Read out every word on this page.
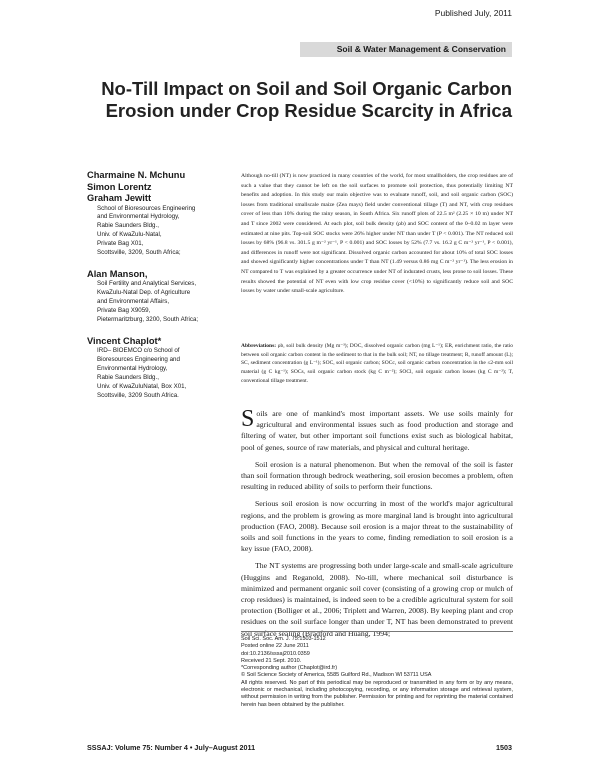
Published July, 2011
Soil & Water Management & Conservation
No-Till Impact on Soil and Soil Organic Carbon
Erosion under Crop Residue Scarcity in Africa
Charmaine N. Mchunu
Simon Lorentz
Graham Jewitt
School of Bioresources Engineering
and Environmental Hydrology,
Rabie Saunders Bldg.,
Univ. of KwaZulu-Natal,
Private Bag X01,
Scottsville, 3209, South Africa;
Alan Manson,
Soil Fertility and Analytical Services,
KwaZulu-Natal Dep. of Agriculture
and Environmental Affairs,
Private Bag X9059,
Pietermaritzburg, 3200, South Africa;
Vincent Chaplot*
IRD– BIOEMCO c/o School of
Bioresources Engineering and
Environmental Hydrology,
Rabie Saunders Bldg.,
Univ. of KwaZuluNatal, Box X01,
Scottsville, 3209 South Africa.
Although no-till (NT) is now practiced in many countries of the world, for most smallholders, the crop residues are of such a value that they cannot be left on the soil surfaces to promote soil protection, thus potentially limiting NT benefits and adoption. In this study our main objective was to evaluate runoff, soil, and soil organic carbon (SOC) losses from traditional smallscale maize (Zea mays) field under conventional tillage (T) and NT, with crop residues cover of less than 10% during the rainy season, in South Africa. Six runoff plots of 22.5 m² (2.25 × 10 m) under NT and T since 2002 were considered. At each plot, soil bulk density (ρb) and SOC content of the 0–0.02 m layer were estimated at nine pits. Top-soil SOC stocks were 26% higher under NT than under T (P < 0.001). The NT reduced soil losses by 68% (96.8 vs. 301.5 g m⁻² yr⁻¹, P < 0.001) and SOC losses by 52% (7.7 vs. 16.2 g C m⁻² yr⁻¹, P < 0.001), and differences in runoff were not significant. Dissolved organic carbon accounted for about 10% of total SOC losses and showed significantly higher concentrations under T than NT (1.49 versus 0.86 mg C m⁻² yr⁻¹). The less erosion in NT compared to T was explained by a greater occurrence under NT of indurated crusts, less prone to soil losses. These results showed the potential of NT even with low crop residue cover (<10%) to significantly reduce soil and SOC losses by water under small-scale agriculture.
Abbreviations: ρb, soil bulk density (Mg m⁻³); DOC, dissolved organic carbon (mg L⁻¹); ER, enrichment ratio, the ratio between soil organic carbon content in the sediment to that in the bulk soil; NT, no tillage treatment; R, runoff amount (L); SC, sediment concentration (g L⁻¹); SOC, soil organic carbon; SOCc, soil organic carbon concentration in the ≤2-mm soil material (g C kg⁻¹); SOCs, soil organic carbon stock (kg C m⁻²); SOCl, soil organic carbon losses (kg C m⁻²); T, conventional tillage treatment.

Soils are one of mankind's most important assets. We use soils mainly for agricultural and environmental issues such as food production and storage and filtering of water, but other important soil functions exist such as biological habitat, pool of genes, source of raw materials, and physical and cultural heritage.

Soil erosion is a natural phenomenon. But when the removal of the soil is faster than soil formation through bedrock weathering, soil erosion becomes a problem, often resulting in reduced ability of soils to perform their functions.

Serious soil erosion is now occurring in most of the world's major agricultural regions, and the problem is growing as more marginal land is brought into agricultural production (FAO, 2008). Because soil erosion is a major threat to the sustainability of soils and soil functions in the years to come, finding remediation to soil erosion is a key issue (FAO, 2008).

The NT systems are progressing both under large-scale and small-scale agriculture (Huggins and Reganold, 2008). No-till, where mechanical soil disturbance is minimized and permanent organic soil cover (consisting of a growing crop or mulch of crop residues) is maintained, is indeed seen to be a credible agricultural system for soil protection (Bolliger et al., 2006; Triplett and Warren, 2008). By keeping plant and crop residues on the soil surface longer than under T, NT has been demonstrated to prevent soil surface sealing (Bradford and Huang, 1994;

Soil Sci. Soc. Am. J. 75:1503-1512
Posted online 22 June 2011
doi:10.2136/sssaj2010.0359
Received 21 Sept. 2010.
*Corresponding author (Chaplot@ird.fr)
© Soil Science Society of America, 5585 Guilford Rd., Madison WI 53711 USA
All rights reserved. No part of this periodical may be reproduced or transmitted in any form or by any means, electronic or mechanical, including photocopying, recording, or any information storage and retrieval system, without permission in writing from the publisher. Permission for printing and for reprinting the material contained herein has been obtained by the publisher.
SSSAJ: Volume 75: Number 4 • July–August 2011	1503
